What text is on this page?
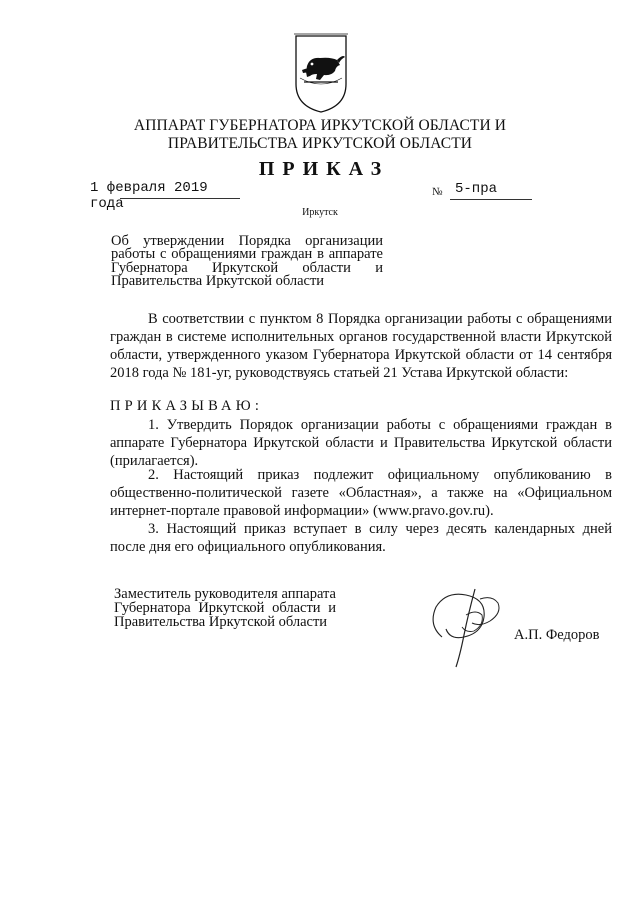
АППАРАТ ГУБЕРНАТОРА ИРКУТСКОЙ ОБЛАСТИ И
ПРАВИТЕЛЬСТВА ИРКУТСКОЙ ОБЛАСТИ
ПРИКАЗ
1 февраля 2019 года
№ 5-пра
Иркутск
Об утверждении Порядка организации работы с обращениями граждан в аппарате Губернатора Иркутской области и Правительства Иркутской области
В соответствии с пунктом 8 Порядка организации работы с обращениями граждан в системе исполнительных органов государственной власти Иркутской области, утвержденного указом Губернатора Иркутской области от 14 сентября 2018 года № 181-уг, руководствуясь статьей 21 Устава Иркутской области:
ПРИКАЗЫВАЮ:
1. Утвердить Порядок организации работы с обращениями граждан в аппарате Губернатора Иркутской области и Правительства Иркутской области (прилагается).
2. Настоящий приказ подлежит официальному опубликованию в общественно-политической газете «Областная», а также на «Официальном интернет-портале правовой информации» (www.pravo.gov.ru).
3. Настоящий приказ вступает в силу через десять календарных дней после дня его официального опубликования.
Заместитель руководителя аппарата Губернатора Иркутской области и Правительства Иркутской области
А.П. Федоров
